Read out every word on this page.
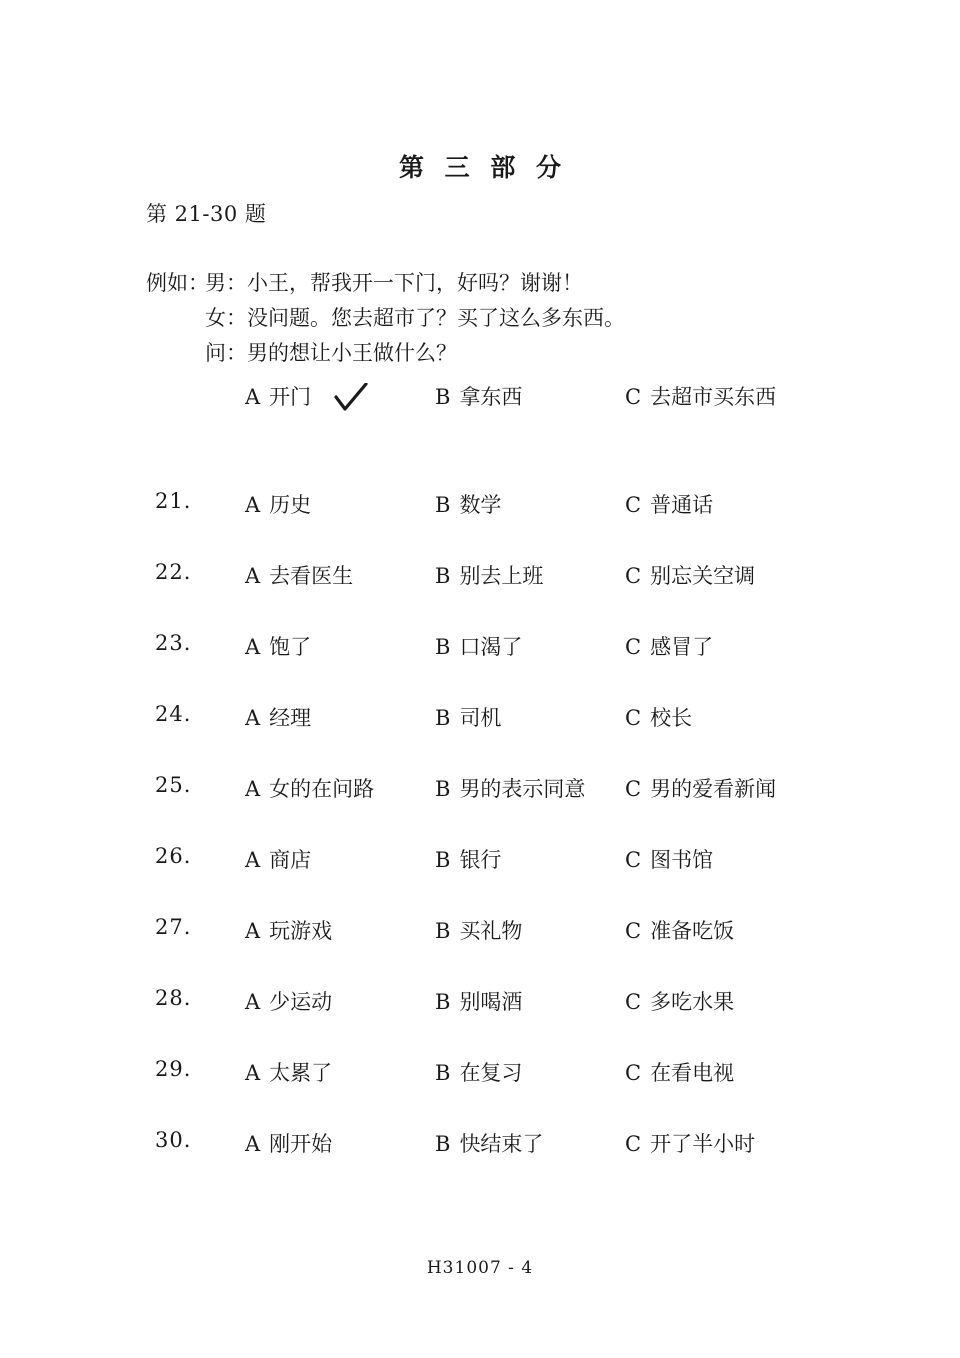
第 三 部 分
第 21-30 题
例如：男：小王，帮我开一下门，好吗？谢谢！
女：没问题。您去超市了？买了这么多东西。
问：男的想让小王做什么？
A 开门	B 拿东西	C 去超市买东西
21.	A 历史	B 数学	C 普通话
22.	A 去看医生	B 别去上班	C 别忘关空调
23.	A 饱了	B 口渴了	C 感冒了
24.	A 经理	B 司机	C 校长
25.	A 女的在问路	B 男的表示同意 C 男的爱看新闻
26.	A 商店	B 银行	C 图书馆
27.	A 玩游戏	B 买礼物	C 准备吃饭
28.	A 少运动	B 别喝酒	C 多吃水果
29.	A 太累了	B 在复习	C 在看电视
30.	A 刚开始	B 快结束了	C 开了半小时
H31007 - 4
